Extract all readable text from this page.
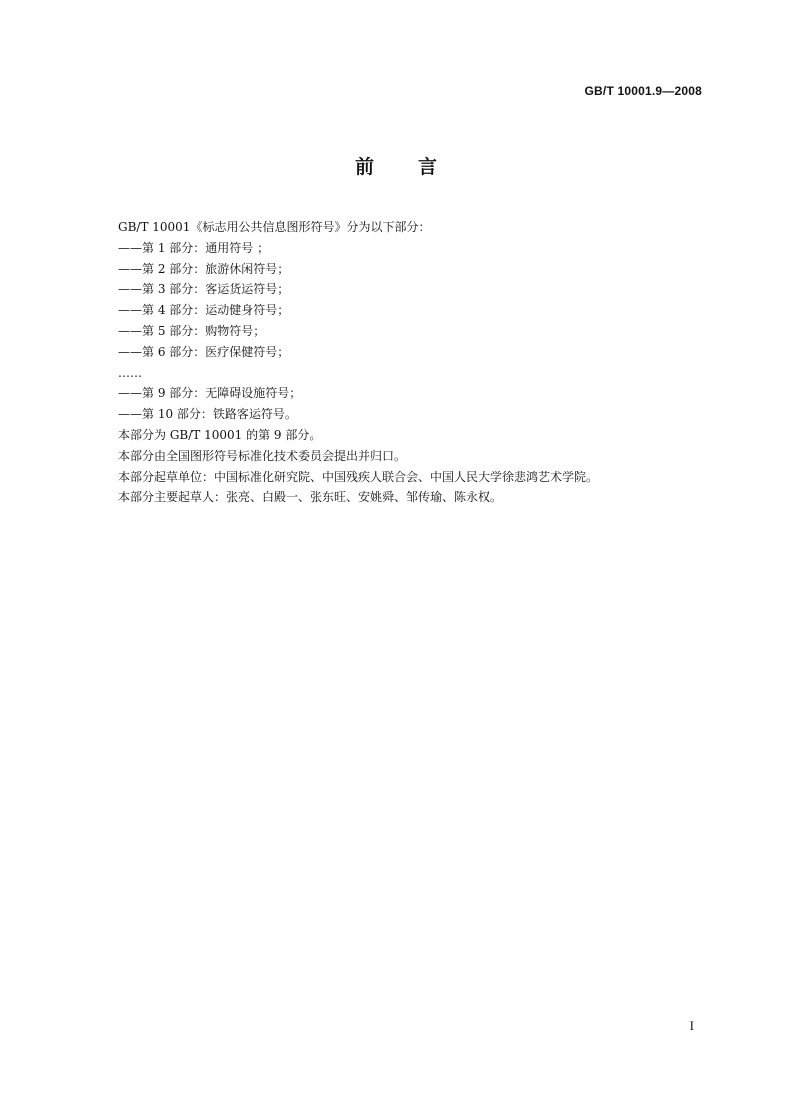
GB/T 10001.9—2008
前言
GB/T 10001《标志用公共信息图形符号》分为以下部分：
——第 1 部分：通用符号 ；
——第 2 部分：旅游休闲符号；
——第 3 部分：客运货运符号；
——第 4 部分：运动健身符号；
——第 5 部分：购物符号；
——第 6 部分：医疗保健符号；
……
——第 9 部分：无障碍设施符号；
——第 10 部分：铁路客运符号。
本部分为 GB/T 10001 的第 9 部分。
本部分由全国图形符号标准化技术委员会提出并归口。
本部分起草单位：中国标准化研究院、中国残疾人联合会、中国人民大学徐悲鸿艺术学院。
本部分主要起草人：张亮、白殿一、张东旺、安姚舜、邹传瑜、陈永权。
I
